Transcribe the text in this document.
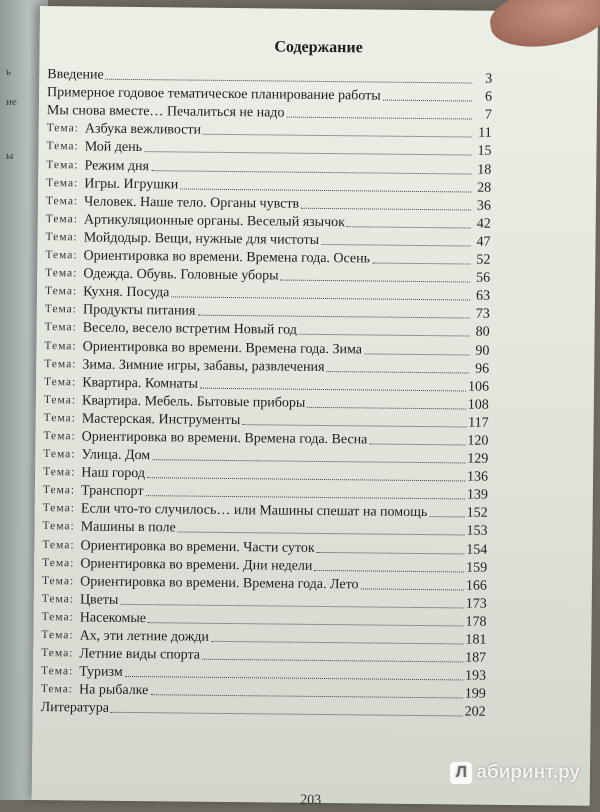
ь
ие
ы
Содержание
Введение	3
Примерное годовое тематическое планирование работы	6
Мы снова вместе… Печалиться не надо	7
Тема: Азбука вежливости	11
Тема: Мой день	15
Тема: Режим дня	18
Тема: Игры. Игрушки	28
Тема: Человек. Наше тело. Органы чувств	36
Тема: Артикуляционные органы. Веселый язычок	42
Тема: Мойдодыр. Вещи, нужные для чистоты	47
Тема: Ориентировка во времени. Времена года. Осень	52
Тема: Одежда. Обувь. Головные уборы	56
Тема: Кухня. Посуда	63
Тема: Продукты питания	73
Тема: Весело, весело встретим Новый год	80
Тема: Ориентировка во времени. Времена года. Зима	90
Тема: Зима. Зимние игры, забавы, развлечения	96
Тема: Квартира. Комнаты	106
Тема: Квартира. Мебель. Бытовые приборы	108
Тема: Мастерская. Инструменты	117
Тема: Ориентировка во времени. Времена года. Весна	120
Тема: Улица. Дом	129
Тема: Наш город	136
Тема: Транспорт	139
Тема: Если что-то случилось… или Машины спешат на помощь	152
Тема: Машины в поле	153
Тема: Ориентировка во времени. Части суток	154
Тема: Ориентировка во времени. Дни недели	159
Тема: Ориентировка во времени. Времена года. Лето	166
Тема: Цветы	173
Тема: Насекомые	178
Тема: Ах, эти летние дожди	181
Тема: Летние виды спорта	187
Тема: Туризм	193
Тема: На рыбалке	199
Литература	202
203
Л абиринт.ру
